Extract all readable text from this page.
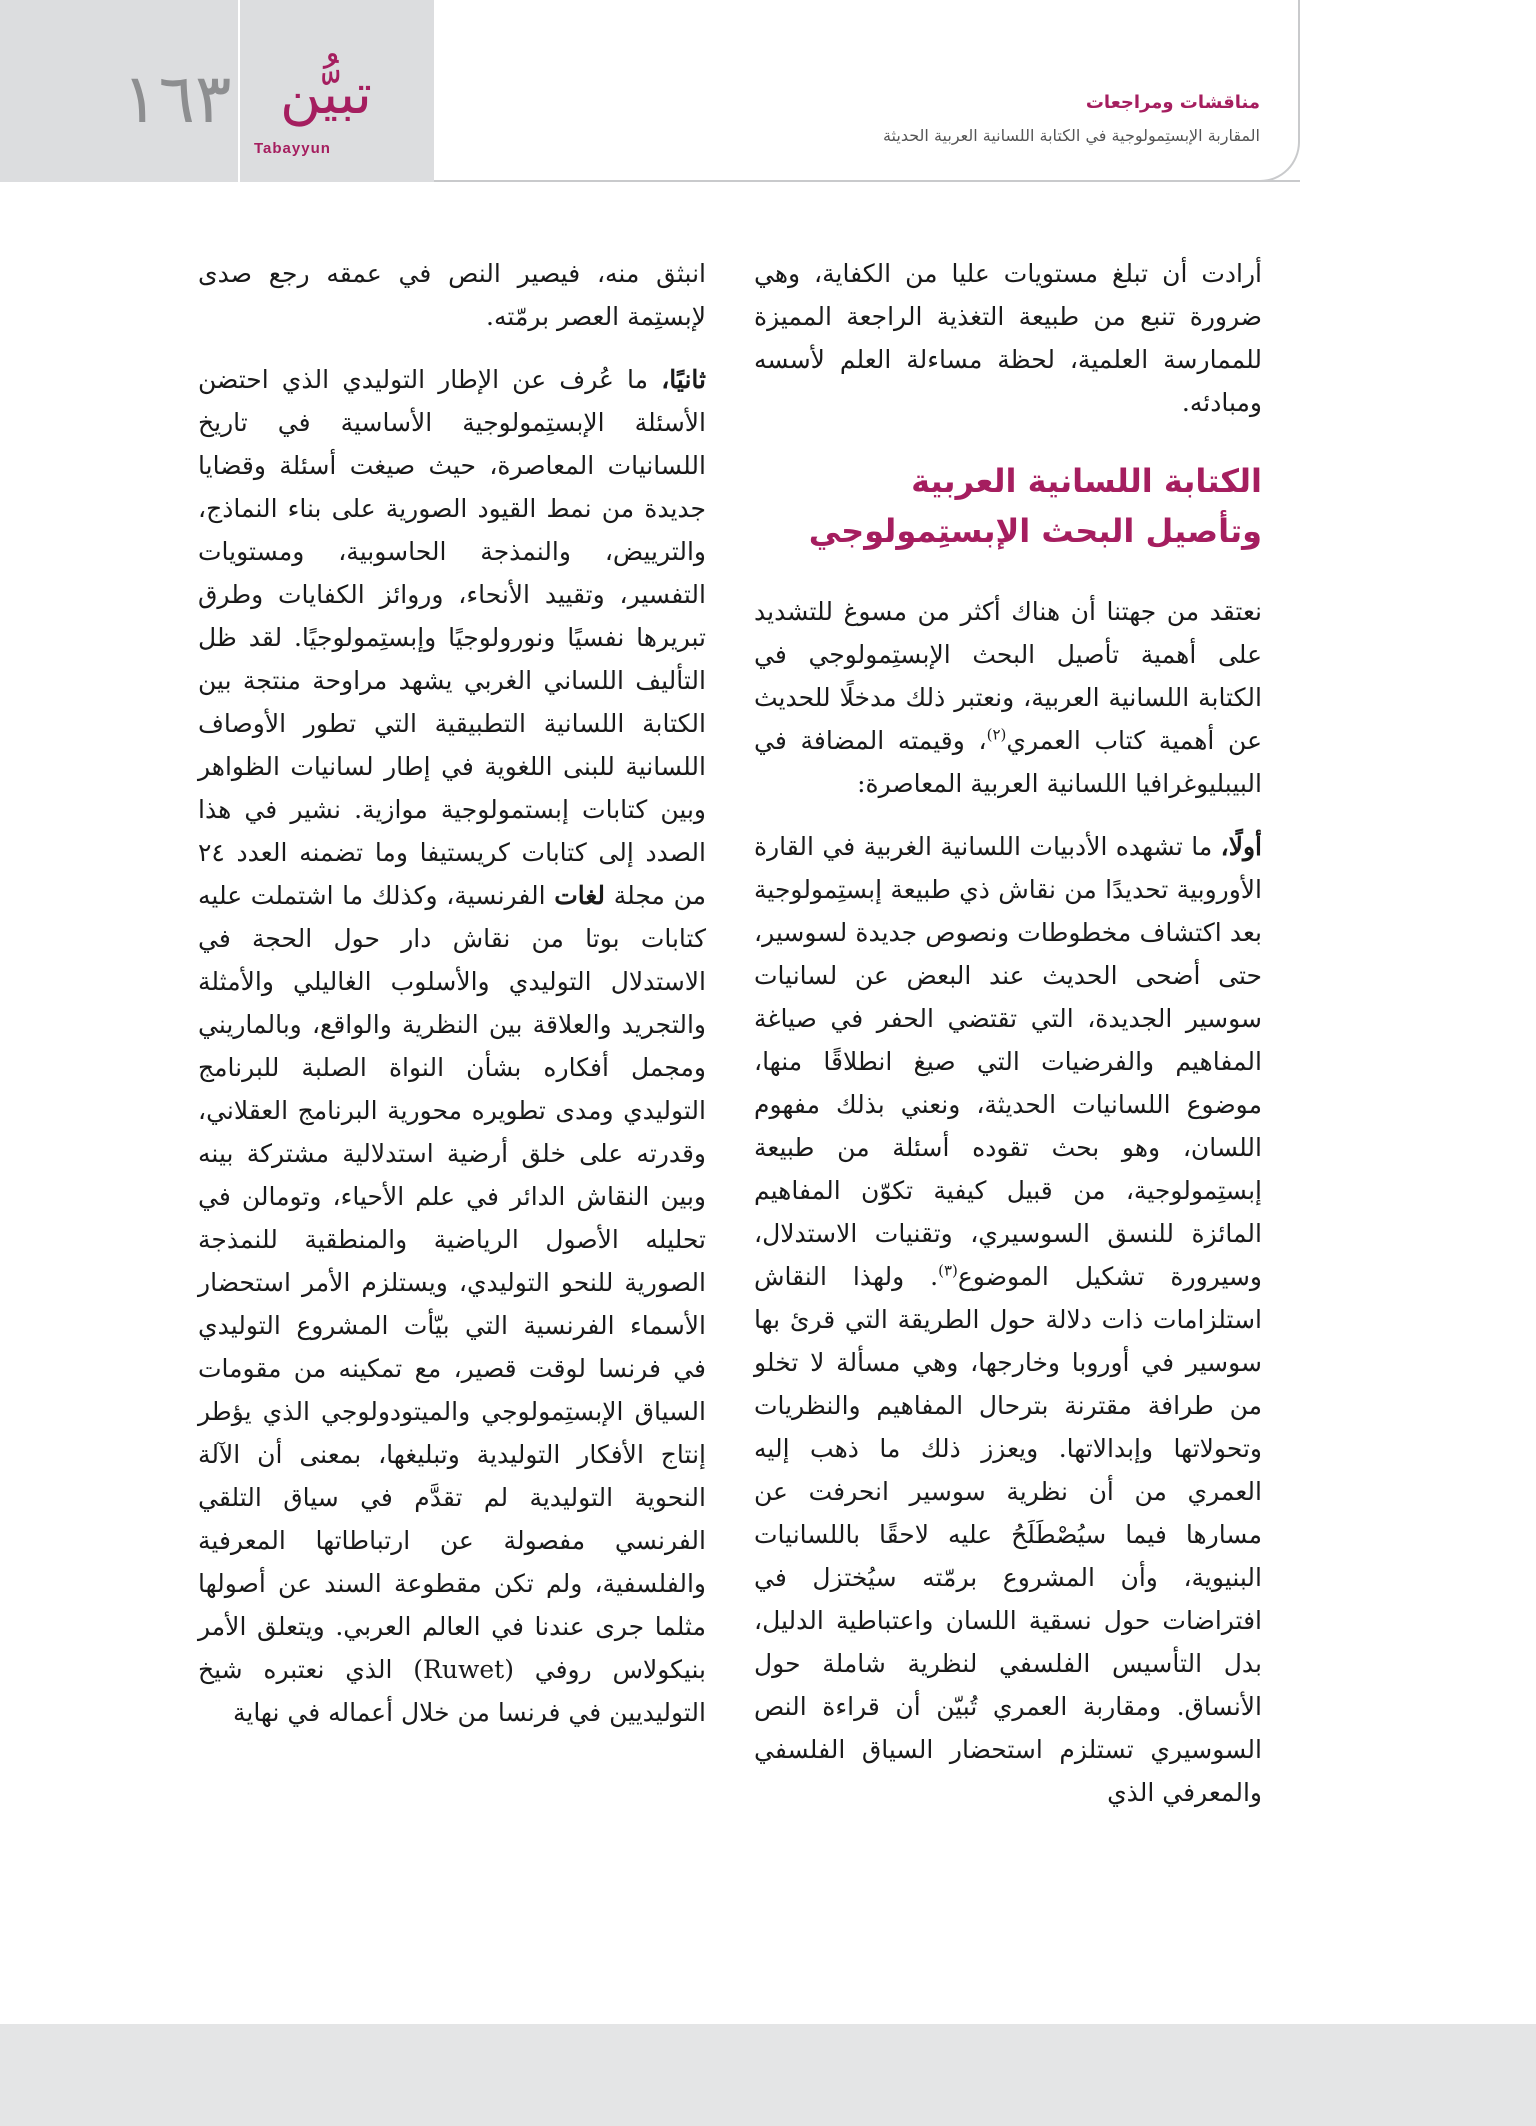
١٦٣ تبيُّن
Tabayyun
مناقشات ومراجعات
المقاربة الإبستِمولوجية في الكتابة اللسانية العربية الحديثة

أرادت أن تبلغ مستويات عليا من الكفاية، وهي ضرورة تنبع من طبيعة التغذية الراجعة المميزة للممارسة العلمية، لحظة مساءلة العلم لأسسه ومبادئه.

الكتابة اللسانية العربية
وتأصيل البحث الإبستِمولوجي

نعتقد من جهتنا أن هناك أكثر من مسوغ للتشديد على أهمية تأصيل البحث الإبستِمولوجي في الكتابة اللسانية العربية، ونعتبر ذلك مدخلًا للحديث عن أهمية كتاب العمري$^{(٢)}$، وقيمته المضافة في البيبليوغرافيا اللسانية العربية المعاصرة:

أولًا، ما تشهده الأدبيات اللسانية الغربية في القارة الأوروبية تحديدًا من نقاش ذي طبيعة إبستِمولوجية بعد اكتشاف مخطوطات ونصوص جديدة لسوسير، حتى أضحى الحديث عند البعض عن لسانيات سوسير الجديدة، التي تقتضي الحفر في صياغة المفاهيم والفرضيات التي صيغ انطلاقًا منها، موضوع اللسانيات الحديثة، ونعني بذلك مفهوم اللسان، وهو بحث تقوده أسئلة من طبيعة إبستِمولوجية، من قبيل كيفية تكوّن المفاهيم المائزة للنسق السوسيري، وتقنيات الاستدلال، وسيرورة تشكيل الموضوع$^{(٣)}$. ولهذا النقاش استلزامات ذات دلالة حول الطريقة التي قرئ بها سوسير في أوروبا وخارجها، وهي مسألة لا تخلو من طرافة مقترنة بترحال المفاهيم والنظريات وتحولاتها وإبدالاتها. ويعزز ذلك ما ذهب إليه العمري من أن نظرية سوسير انحرفت عن مسارها فيما سيُصْطَلَحُ عليه لاحقًا باللسانيات البنيوية، وأن المشروع برمّته سيُختزل في افتراضات حول نسقية اللسان واعتباطية الدليل، بدل التأسيس الفلسفي لنظرية شاملة حول الأنساق. ومقاربة العمري تُبيّن أن قراءة النص السوسيري تستلزم استحضار السياق الفلسفي والمعرفي الذي

انبثق منه، فيصير النص في عمقه رجع صدى لإبستِمة العصر برمّته.

ثانيًا، ما عُرف عن الإطار التوليدي الذي احتضن الأسئلة الإبستِمولوجية الأساسية في تاريخ اللسانيات المعاصرة، حيث صيغت أسئلة وقضايا جديدة من نمط القيود الصورية على بناء النماذج، والترييض، والنمذجة الحاسوبية، ومستويات التفسير، وتقييد الأنحاء، وروائز الكفايات وطرق تبريرها نفسيًا ونورولوجيًا وإبستِمولوجيًا. لقد ظل التأليف اللساني الغربي يشهد مراوحة منتجة بين الكتابة اللسانية التطبيقية التي تطور الأوصاف اللسانية للبنى اللغوية في إطار لسانيات الظواهر وبين كتابات إبستمولوجية موازية. نشير في هذا الصدد إلى كتابات كريستيفا وما تضمنه العدد ٢٤ من مجلة لغات الفرنسية، وكذلك ما اشتملت عليه كتابات بوتا من نقاش دار حول الحجة في الاستدلال التوليدي والأسلوب الغاليلي والأمثلة والتجريد والعلاقة بين النظرية والواقع، وبالماريني ومجمل أفكاره بشأن النواة الصلبة للبرنامج التوليدي ومدى تطويره محورية البرنامج العقلاني، وقدرته على خلق أرضية استدلالية مشتركة بينه وبين النقاش الدائر في علم الأحياء، وتومالن في تحليله الأصول الرياضية والمنطقية للنمذجة الصورية للنحو التوليدي، ويستلزم الأمر استحضار الأسماء الفرنسية التي بيّأت المشروع التوليدي في فرنسا لوقت قصير، مع تمكينه من مقومات السياق الإبستِمولوجي والميتودولوجي الذي يؤطر إنتاج الأفكار التوليدية وتبليغها، بمعنى أن الآلة النحوية التوليدية لم تقدَّم في سياق التلقي الفرنسي مفصولة عن ارتباطاتها المعرفية والفلسفية، ولم تكن مقطوعة السند عن أصولها مثلما جرى عندنا في العالم العربي. ويتعلق الأمر بنيكولاس روفي (Ruwet) الذي نعتبره شيخ التوليديين في فرنسا من خلال أعماله في نهاية
